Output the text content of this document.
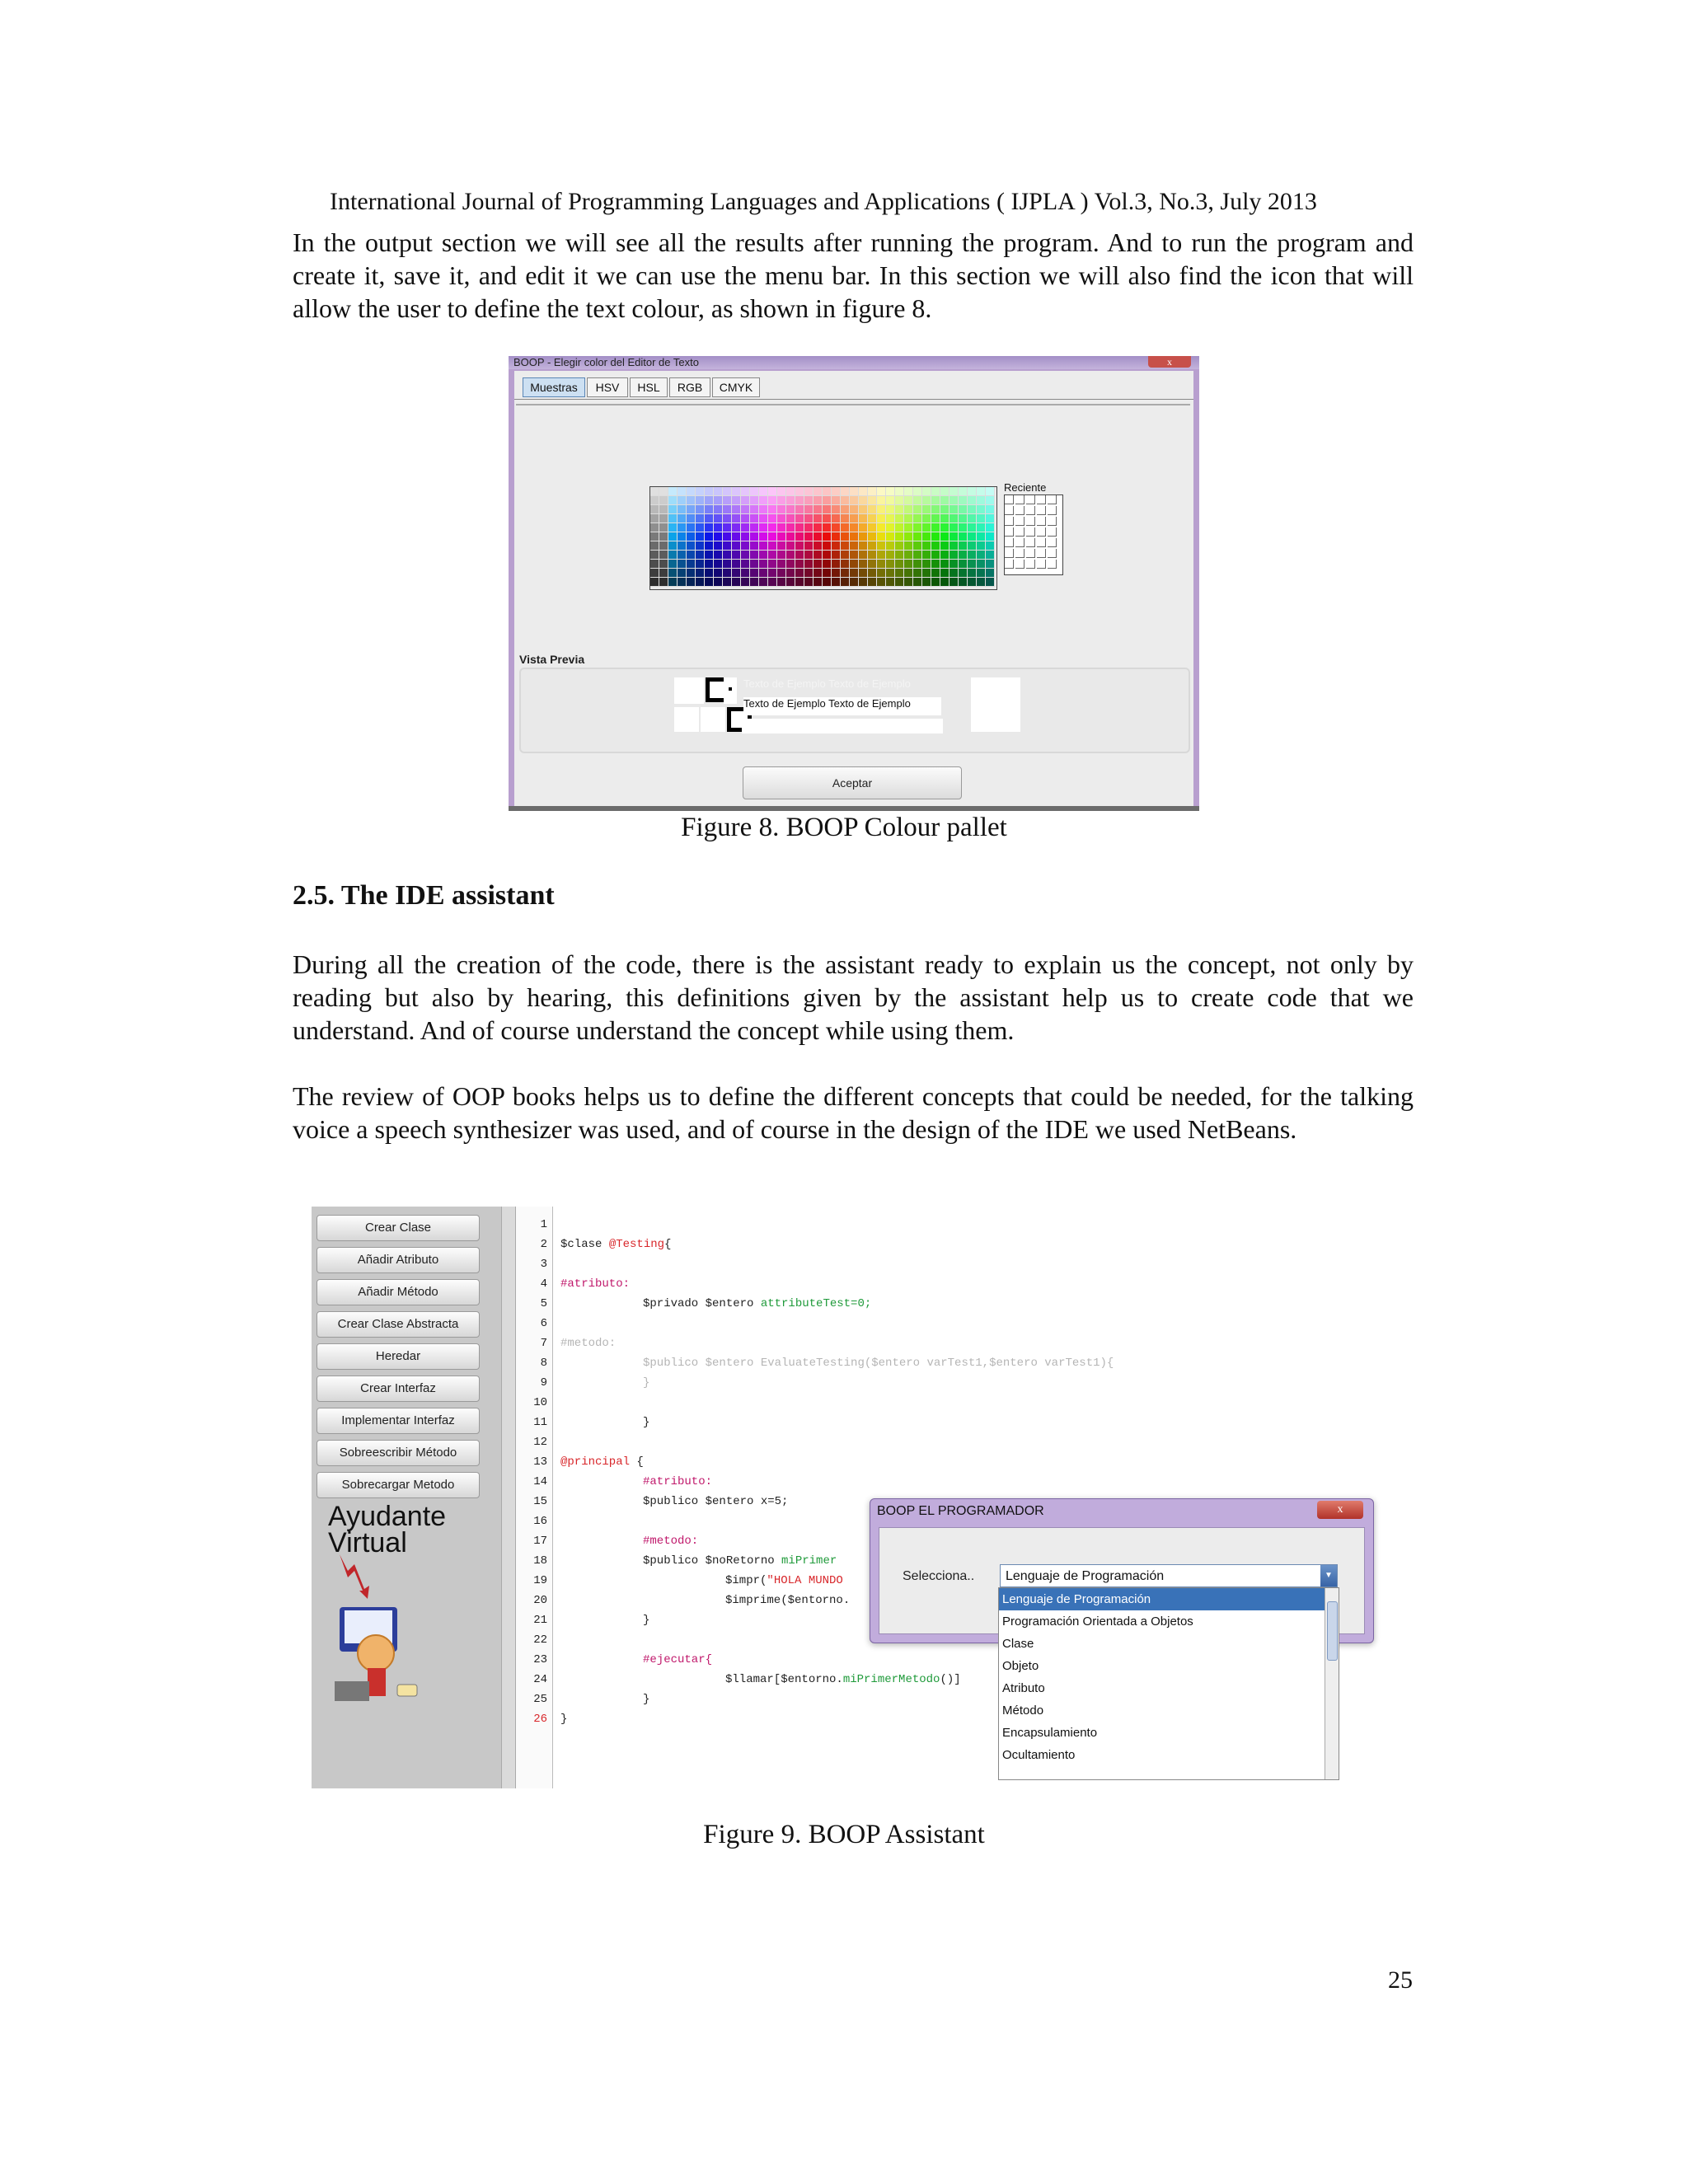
International Journal of Programming Languages and Applications ( IJPLA ) Vol.3, No.3, July 2013

In the output section we will see all the results after running the program. And to run the program and create it, save it, and edit it we can use the menu bar. In this section we will also find the icon that will allow the user to define the text colour, as shown in figure 8.

BOOP - Elegir color del Editor de Texto	x
Muestras	HSV	HSL	RGB	CMYK
Reciente
Vista Previa
Texto de Ejemplo Texto de Ejemplo
Texto de Ejemplo Texto de Ejemplo
Aceptar
Figure 8. BOOP Colour pallet
2.5. The IDE assistant

During all the creation of the code, there is the assistant ready to explain us the concept, not only by reading but also by hearing, this definitions given by the assistant help us to create code that we understand. And of course understand the concept while using them.

The review of OOP books helps us to define the different concepts that could be needed, for the talking voice a speech synthesizer was used, and of course in the design of the IDE we used NetBeans.

Crear Clase
Añadir Atributo
Añadir Método
Crear Clase Abstracta
Heredar
Crear Interfaz
Implementar Interfaz
Sobreescribir Método
Sobrecargar Metodo
Ayudante Virtual
1
2
3
4
5
6
7
8
9
10
11
12
13
14
15
16
17
18
19
20
21
22
23
24
25
26
$clase @Testing{
#atributo:
$privado $entero attributeTest=0;
#metodo:
$publico $entero EvaluateTesting($entero varTest1,$entero varTest1){
}
}
@principal {
#atributo:
$publico $entero x=5;
#metodo:
$publico $noRetorno miPrimer
$impr("HOLA MUNDO
$imprime($entorno.
}
#ejecutar{
$llamar[$entorno.miPrimerMetodo()]
}
}
BOOP EL PROGRAMADOR	x
Selecciona..	Lenguaje de Programación	▼
Lenguaje de Programación
Programación Orientada a Objetos
Clase
Objeto
Atributo
Método
Encapsulamiento
Ocultamiento
Figure 9. BOOP Assistant
25
